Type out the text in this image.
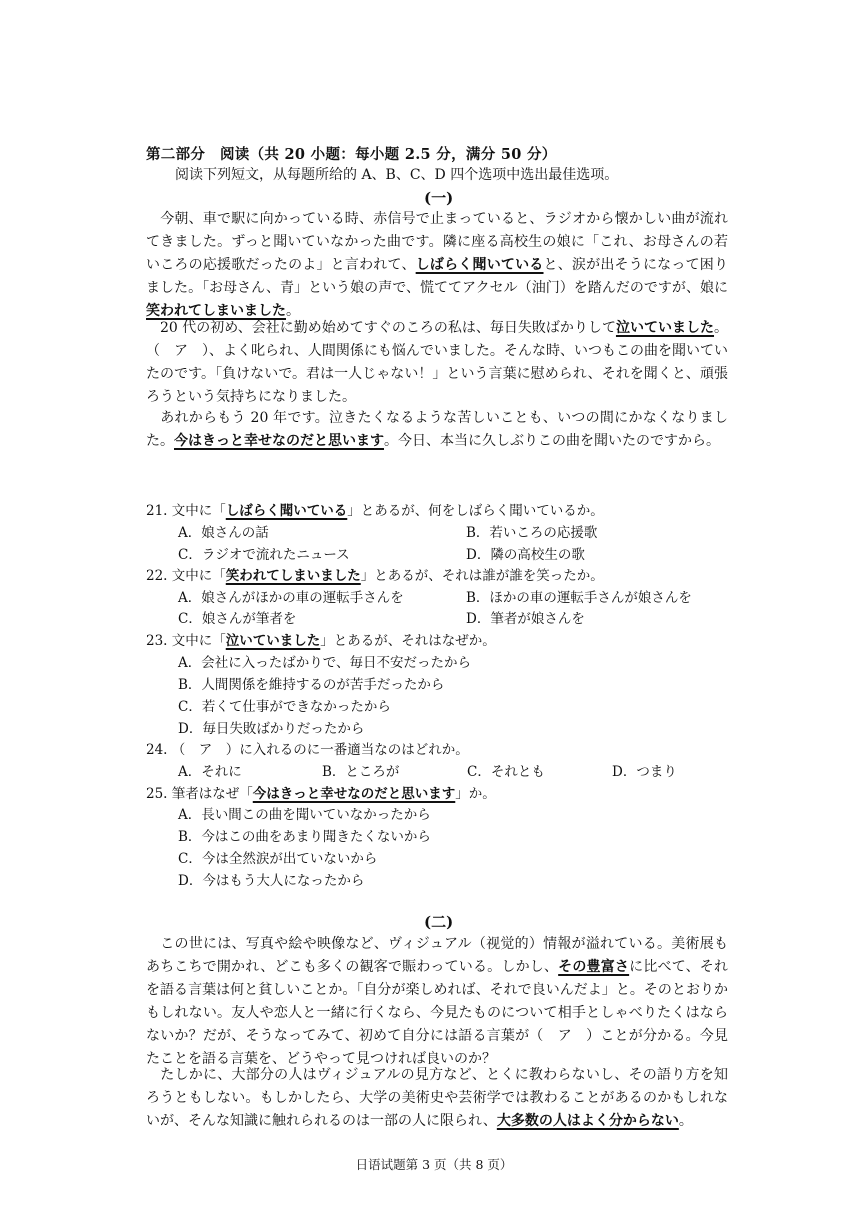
第二部分　阅读（共 20 小题：每小题 2.5 分，满分 50 分）
阅读下列短文，从每题所给的 A、B、C、D 四个选项中选出最佳选项。
(一)
　今朝、車で駅に向かっている時、赤信号で止まっていると、ラジオから懐かしい曲が流れてきました。ずっと聞いていなかった曲です。隣に座る高校生の娘に「これ、お母さんの若いころの応援歌だったのよ」と言われて、しばらく聞いていると、涙が出そうになって困りました。「お母さん、青」という娘の声で、慌ててアクセル（油门）を踏んだのですが、娘に笑われてしまいました。
　20 代の初め、会社に勤め始めてすぐのころの私は、毎日失敗ばかりして泣いていました。（　ア　）、よく叱られ、人間関係にも悩んでいました。そんな時、いつもこの曲を聞いていたのです。「負けないで。君は一人じゃない！」という言葉に慰められ、それを聞くと、頑張ろうという気持ちになりました。
　あれからもう 20 年です。泣きたくなるような苦しいことも、いつの間にかなくなりました。今はきっと幸せなのだと思います。今日、本当に久しぶりこの曲を聞いたのですから。
21. 文中に「しばらく聞いている」とあるが、何をしばらく聞いているか。
A．娘さんの話	B．若いころの応援歌
C．ラジオで流れたニュース	D．隣の高校生の歌
22. 文中に「笑われてしまいました」とあるが、それは誰が誰を笑ったか。
A．娘さんがほかの車の運転手さんを	B．ほかの車の運転手さんが娘さんを
C．娘さんが筆者を	D．筆者が娘さんを
23. 文中に「泣いていました」とあるが、それはなぜか。
A．会社に入ったばかりで、毎日不安だったから
B．人間関係を維持するのが苦手だったから
C．若くて仕事ができなかったから
D．毎日失敗ばかりだったから
24. （　ア　）に入れるのに一番適当なのはどれか。
A．それに	B．ところが	C．それとも	D．つまり
25. 筆者はなぜ「今はきっと幸せなのだと思います」か。
A．長い間この曲を聞いていなかったから
B．今はこの曲をあまり聞きたくないから
C．今は全然涙が出ていないから
D．今はもう大人になったから
(二)
　この世には、写真や絵や映像など、ヴィジュアル（视觉的）情報が溢れている。美術展もあちこちで開かれ、どこも多くの観客で賑わっている。しかし、その豊富さに比べて、それを語る言葉は何と貧しいことか。「自分が楽しめれば、それで良いんだよ」と。そのとおりかもしれない。友人や恋人と一緒に行くなら、今見たものについて相手としゃべりたくはならないか？だが、そうなってみて、初めて自分には語る言葉が（　ア　）ことが分かる。今見たことを語る言葉を、どうやって見つければ良いのか？
　たしかに、大部分の人はヴィジュアルの見方など、とくに教わらないし、その語り方を知ろうともしない。もしかしたら、大学の美術史や芸術学では教わることがあるのかもしれないが、そんな知識に触れられるのは一部の人に限られ、大多数の人はよく分からない。
日语试题第 3 页（共 8 页）
